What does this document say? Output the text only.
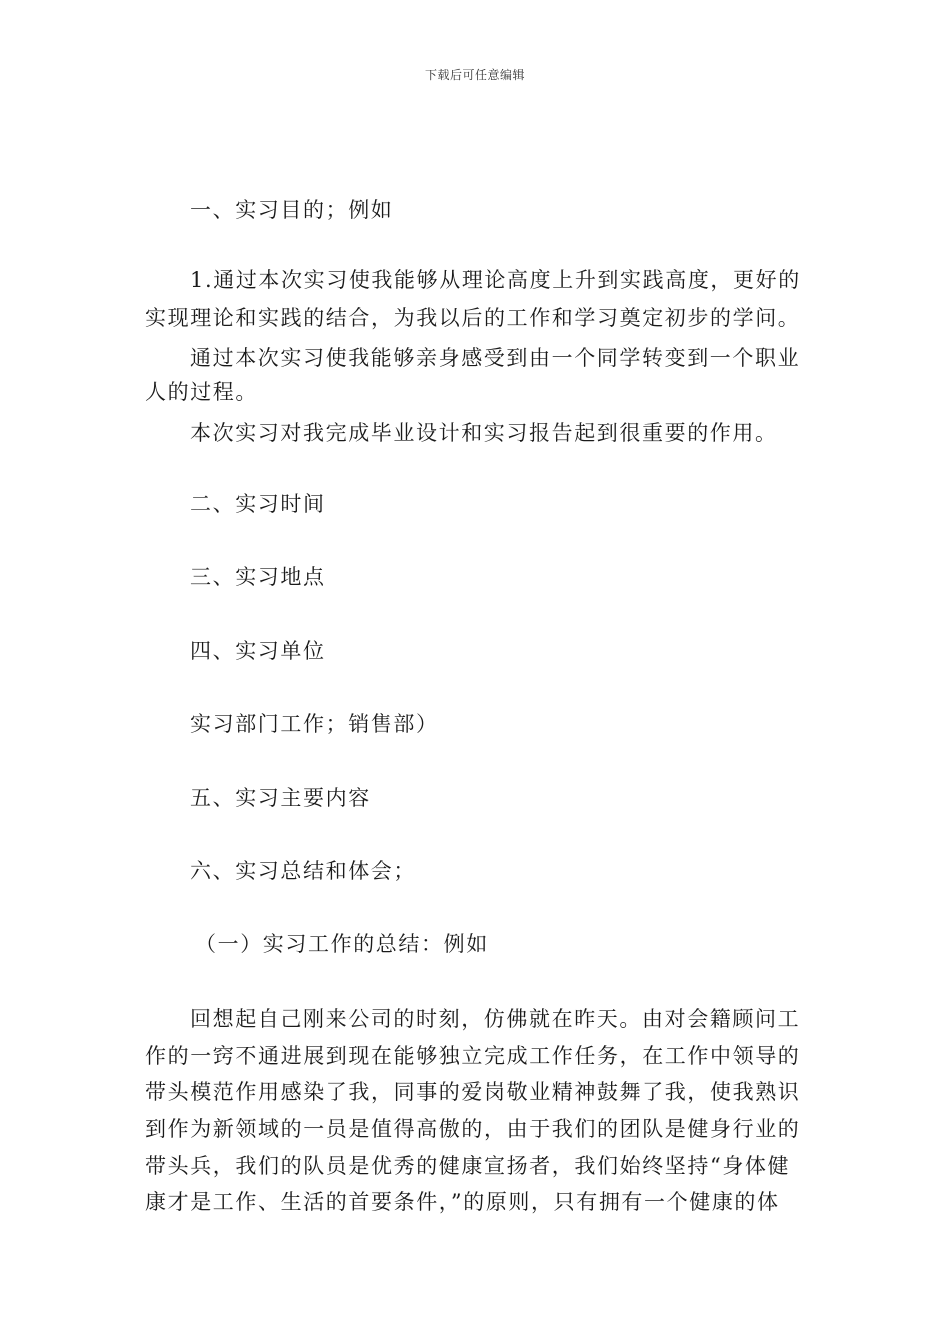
下载后可任意编辑
一、实习目的；例如
1.通过本次实习使我能够从理论高度上升到实践高度，更好的
实现理论和实践的结合，为我以后的工作和学习奠定初步的学问。
通过本次实习使我能够亲身感受到由一个同学转变到一个职业
人的过程。
本次实习对我完成毕业设计和实习报告起到很重要的作用。
二、实习时间
三、实习地点
四、实习单位
实习部门工作；销售部）
五、实习主要内容
六、实习总结和体会；
（一）实习工作的总结：例如
回想起自己刚来公司的时刻，仿佛就在昨天。由对会籍顾问工
作的一窍不通进展到现在能够独立完成工作任务，在工作中领导的
带头模范作用感染了我，同事的爱岗敬业精神鼓舞了我，使我熟识
到作为新领域的一员是值得高傲的，由于我们的团队是健身行业的
带头兵，我们的队员是优秀的健康宣扬者，我们始终坚持“身体健
康才是工作、生活的首要条件，”的原则，只有拥有一个健康的体
